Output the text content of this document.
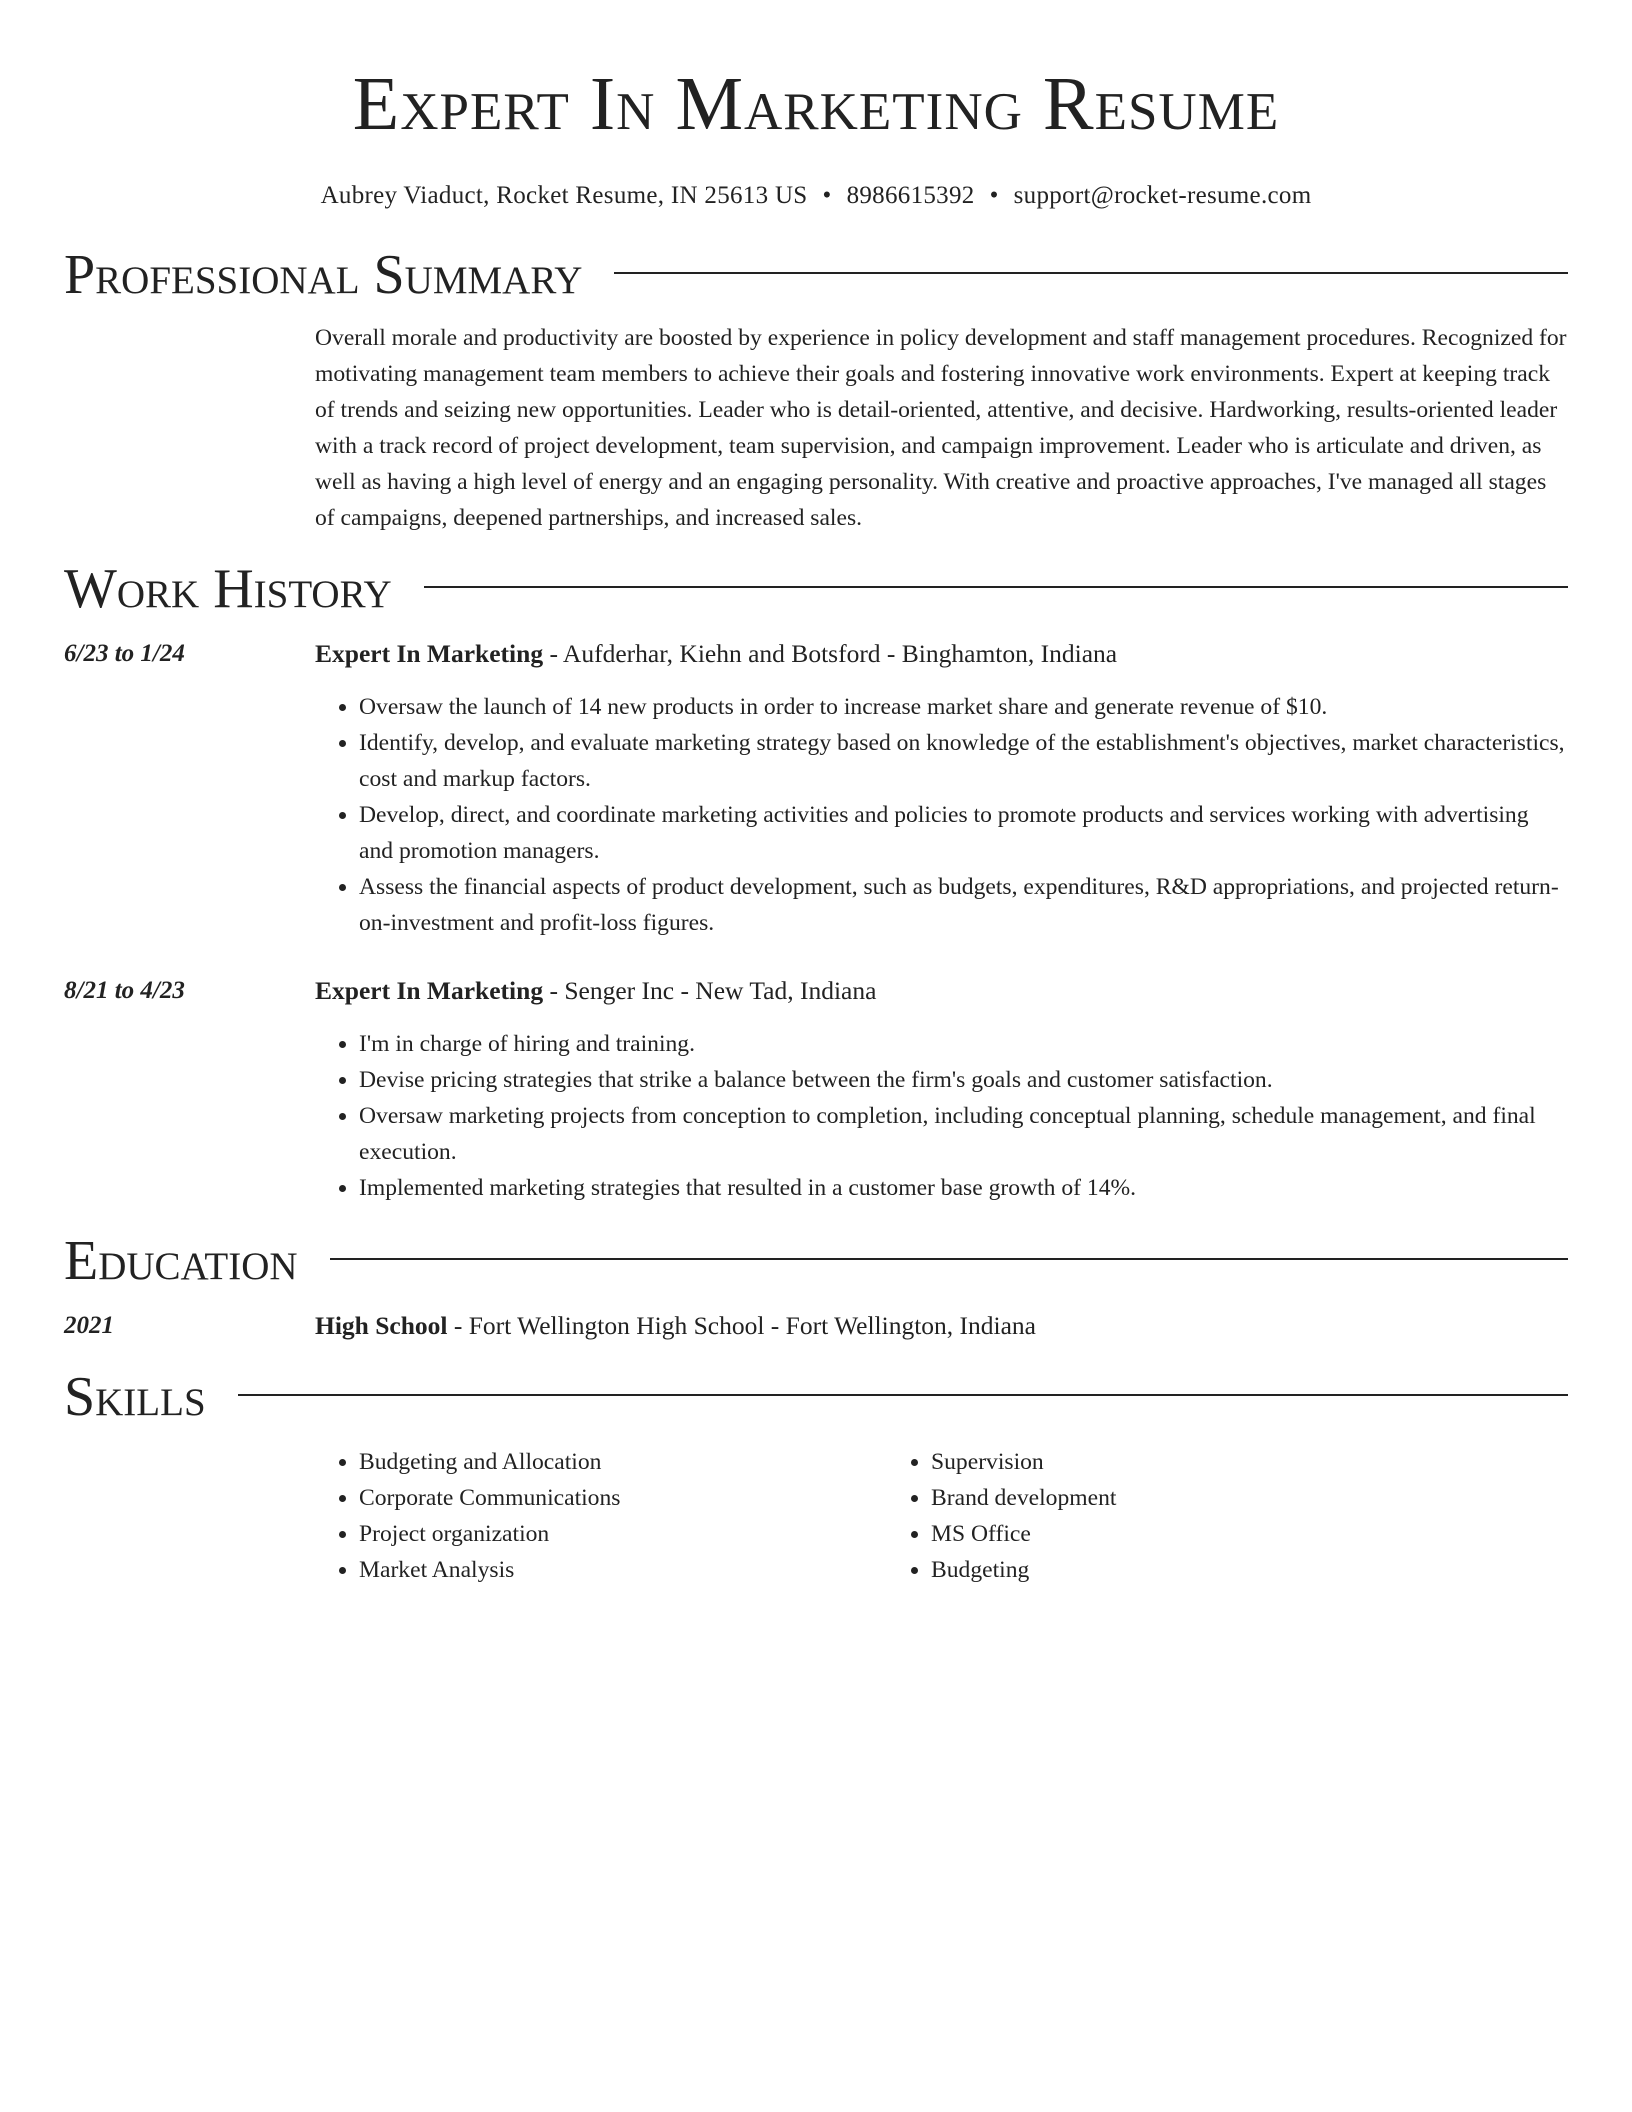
Expert In Marketing Resume
Aubrey Viaduct, Rocket Resume, IN 25613 US • 8986615392 • support@rocket-resume.com
Professional Summary
Overall morale and productivity are boosted by experience in policy development and staff management procedures. Recognized for motivating management team members to achieve their goals and fostering innovative work environments. Expert at keeping track of trends and seizing new opportunities. Leader who is detail-oriented, attentive, and decisive. Hardworking, results-oriented leader with a track record of project development, team supervision, and campaign improvement. Leader who is articulate and driven, as well as having a high level of energy and an engaging personality. With creative and proactive approaches, I've managed all stages of campaigns, deepened partnerships, and increased sales.
Work History
6/23 to 1/24	Expert In Marketing - Aufderhar, Kiehn and Botsford - Binghamton, Indiana
• Oversaw the launch of 14 new products in order to increase market share and generate revenue of $10.
• Identify, develop, and evaluate marketing strategy based on knowledge of the establishment's objectives, market characteristics, cost and markup factors.
• Develop, direct, and coordinate marketing activities and policies to promote products and services working with advertising and promotion managers.
• Assess the financial aspects of product development, such as budgets, expenditures, R&D appropriations, and projected return-on-investment and profit-loss figures.
8/21 to 4/23	Expert In Marketing - Senger Inc - New Tad, Indiana
• I'm in charge of hiring and training.
• Devise pricing strategies that strike a balance between the firm's goals and customer satisfaction.
• Oversaw marketing projects from conception to completion, including conceptual planning, schedule management, and final execution.
• Implemented marketing strategies that resulted in a customer base growth of 14%.
Education
2021	High School - Fort Wellington High School - Fort Wellington, Indiana
Skills
• Budgeting and Allocation
• Corporate Communications
• Project organization
• Market Analysis
• Supervision
• Brand development
• MS Office
• Budgeting
